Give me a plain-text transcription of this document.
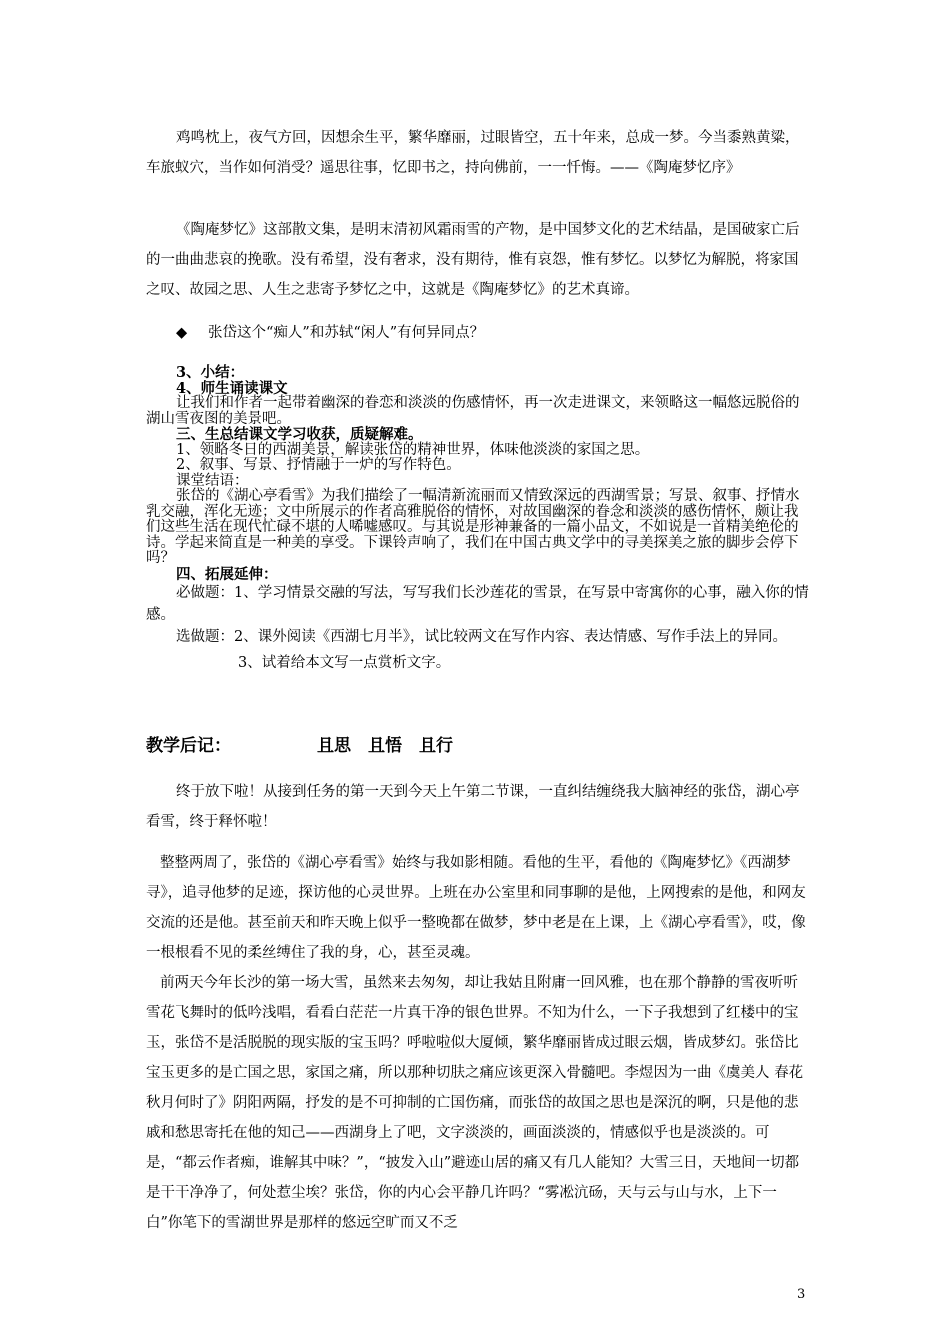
鸡鸣枕上，夜气方回，因想余生平，繁华靡丽，过眼皆空，五十年来，总成一梦。今当黍熟黄粱，车旅蚁穴，当作如何消受？遥思往事，忆即书之，持向佛前，一一忏悔。——《陶庵梦忆序》

《陶庵梦忆》这部散文集，是明末清初风霜雨雪的产物，是中国梦文化的艺术结晶，是国破家亡后的一曲曲悲哀的挽歌。没有希望，没有奢求，没有期待，惟有哀怨，惟有梦忆。以梦忆为解脱，将家国之叹、故园之思、人生之悲寄予梦忆之中，这就是《陶庵梦忆》的艺术真谛。

◆ 张岱这个“痴人”和苏轼“闲人”有何异同点？

3、小结：

4、师生诵读课文

让我们和作者一起带着幽深的眷恋和淡淡的伤感情怀，再一次走进课文，来领略这一幅悠远脱俗的湖山雪夜图的美景吧。

三、生总结课文学习收获，质疑解难。

1、领略冬日的西湖美景，解读张岱的精神世界，体味他淡淡的家国之思。

2、叙事、写景、抒情融于一炉的写作特色。

课堂结语：

张岱的《湖心亭看雪》为我们描绘了一幅清新流丽而又情致深远的西湖雪景；写景、叙事、抒情水乳交融，浑化无迹；文中所展示的作者高雅脱俗的情怀，对故国幽深的眷念和淡淡的感伤情怀，颇让我们这些生活在现代忙碌不堪的人唏嘘感叹。与其说是形神兼备的一篇小品文，不如说是一首精美绝伦的诗。学起来简直是一种美的享受。下课铃声响了，我们在中国古典文学中的寻美探美之旅的脚步会停下吗？

四、拓展延伸：

必做题：1、学习情景交融的写法，写写我们长沙莲花的雪景，在写景中寄寓你的心事，融入你的情感。

选做题：2、课外阅读《西湖七月半》，试比较两文在写作内容、表达情感、写作手法上的异同。

3、试着给本文写一点赏析文字。

教学后记：	且思　且悟　且行

终于放下啦！从接到任务的第一天到今天上午第二节课，一直纠结缠绕我大脑神经的张岱，湖心亭看雪，终于释怀啦！

整整两周了，张岱的《湖心亭看雪》始终与我如影相随。看他的生平，看他的《陶庵梦忆》《西湖梦寻》，追寻他梦的足迹，探访他的心灵世界。上班在办公室里和同事聊的是他，上网搜索的是他，和网友交流的还是他。甚至前天和昨天晚上似乎一整晚都在做梦，梦中老是在上课，上《湖心亭看雪》，哎，像一根根看不见的柔丝缚住了我的身，心，甚至灵魂。

前两天今年长沙的第一场大雪，虽然来去匆匆，却让我姑且附庸一回风雅，也在那个静静的雪夜听听雪花飞舞时的低吟浅唱，看看白茫茫一片真干净的银色世界。不知为什么，一下子我想到了红楼中的宝玉，张岱不是活脱脱的现实版的宝玉吗？呼啦啦似大厦倾，繁华靡丽皆成过眼云烟，皆成梦幻。张岱比宝玉更多的是亡国之思，家国之痛，所以那种切肤之痛应该更深入骨髓吧。李煜因为一曲《虞美人 春花秋月何时了》阴阳两隔，抒发的是不可抑制的亡国伤痛，而张岱的故国之思也是深沉的啊，只是他的悲戚和愁思寄托在他的知己——西湖身上了吧，文字淡淡的，画面淡淡的，情感似乎也是淡淡的。可是，“都云作者痴，谁解其中味？”，“披发入山”避迹山居的痛又有几人能知？大雪三日，天地间一切都是干干净净了，何处惹尘埃？张岱，你的内心会平静几许吗？“雾凇沆砀，天与云与山与水，上下一白”你笔下的雪湖世界是那样的悠远空旷而又不乏

3
